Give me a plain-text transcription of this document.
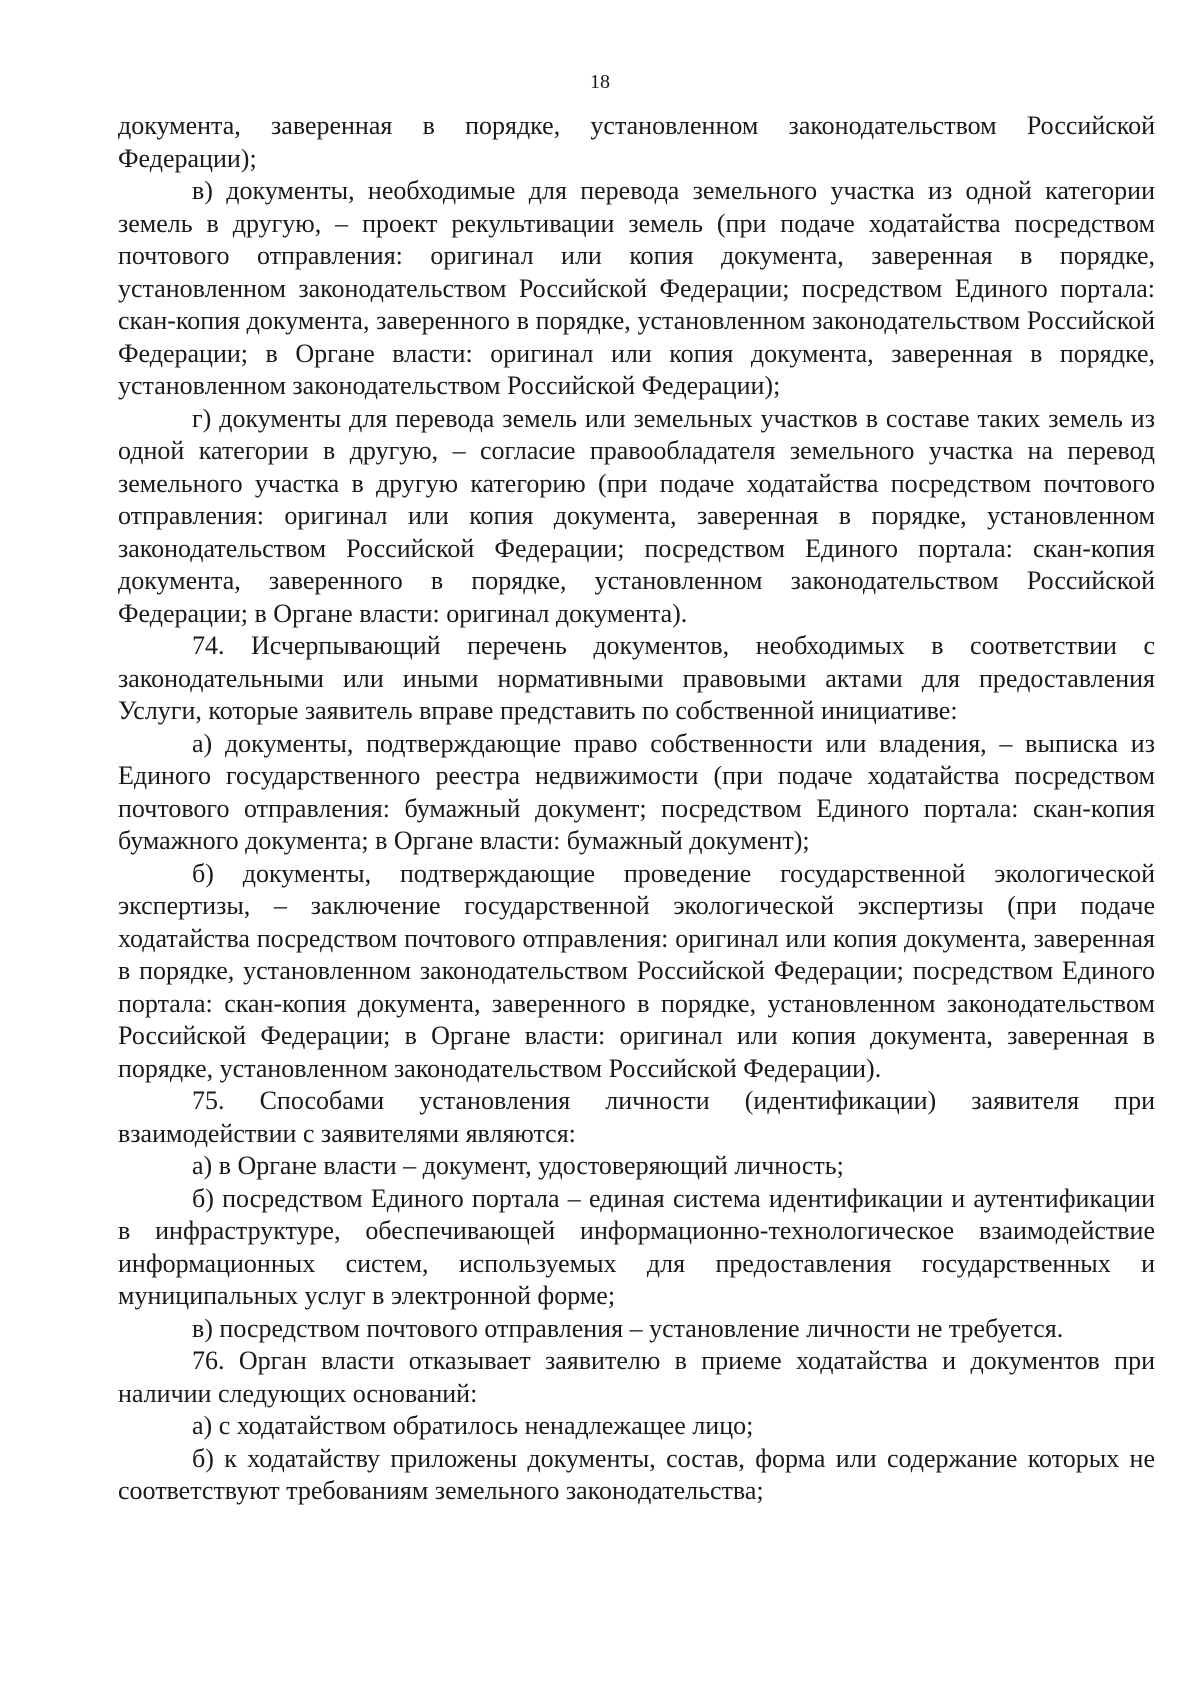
18

документа, заверенная в порядке, установленном законодательством Российской Федерации);

в) документы, необходимые для перевода земельного участка из одной категории земель в другую, – проект рекультивации земель (при подаче ходатайства посредством почтового отправления: оригинал или копия документа, заверенная в порядке, установленном законодательством Российской Федерации; посредством Единого портала: скан-копия документа, заверенного в порядке, установленном законодательством Российской Федерации; в Органе власти: оригинал или копия документа, заверенная в порядке, установленном законодательством Российской Федерации);

г) документы для перевода земель или земельных участков в составе таких земель из одной категории в другую, – согласие правообладателя земельного участка на перевод земельного участка в другую категорию (при подаче ходатайства посредством почтового отправления: оригинал или копия документа, заверенная в порядке, установленном законодательством Российской Федерации; посредством Единого портала: скан-копия документа, заверенного в порядке, установленном законодательством Российской Федерации; в Органе власти: оригинал документа).

74. Исчерпывающий перечень документов, необходимых в соответствии с законодательными или иными нормативными правовыми актами для предоставления Услуги, которые заявитель вправе представить по собственной инициативе:

а) документы, подтверждающие право собственности или владения, – выписка из Единого государственного реестра недвижимости (при подаче ходатайства посредством почтового отправления: бумажный документ; посредством Единого портала: скан-копия бумажного документа; в Органе власти: бумажный документ);

б) документы, подтверждающие проведение государственной экологической экспертизы, – заключение государственной экологической экспертизы (при подаче ходатайства посредством почтового отправления: оригинал или копия документа, заверенная в порядке, установленном законодательством Российской Федерации; посредством Единого портала: скан-копия документа, заверенного в порядке, установленном законодательством Российской Федерации; в Органе власти: оригинал или копия документа, заверенная в порядке, установленном законодательством Российской Федерации).

75. Способами установления личности (идентификации) заявителя при взаимодействии с заявителями являются:

а) в Органе власти – документ, удостоверяющий личность;

б) посредством Единого портала – единая система идентификации и аутентификации в инфраструктуре, обеспечивающей информационно-технологическое взаимодействие информационных систем, используемых для предоставления государственных и муниципальных услуг в электронной форме;

в) посредством почтового отправления – установление личности не требуется.

76. Орган власти отказывает заявителю в приеме ходатайства и документов при наличии следующих оснований:

а) с ходатайством обратилось ненадлежащее лицо;

б) к ходатайству приложены документы, состав, форма или содержание которых не соответствуют требованиям земельного законодательства;
